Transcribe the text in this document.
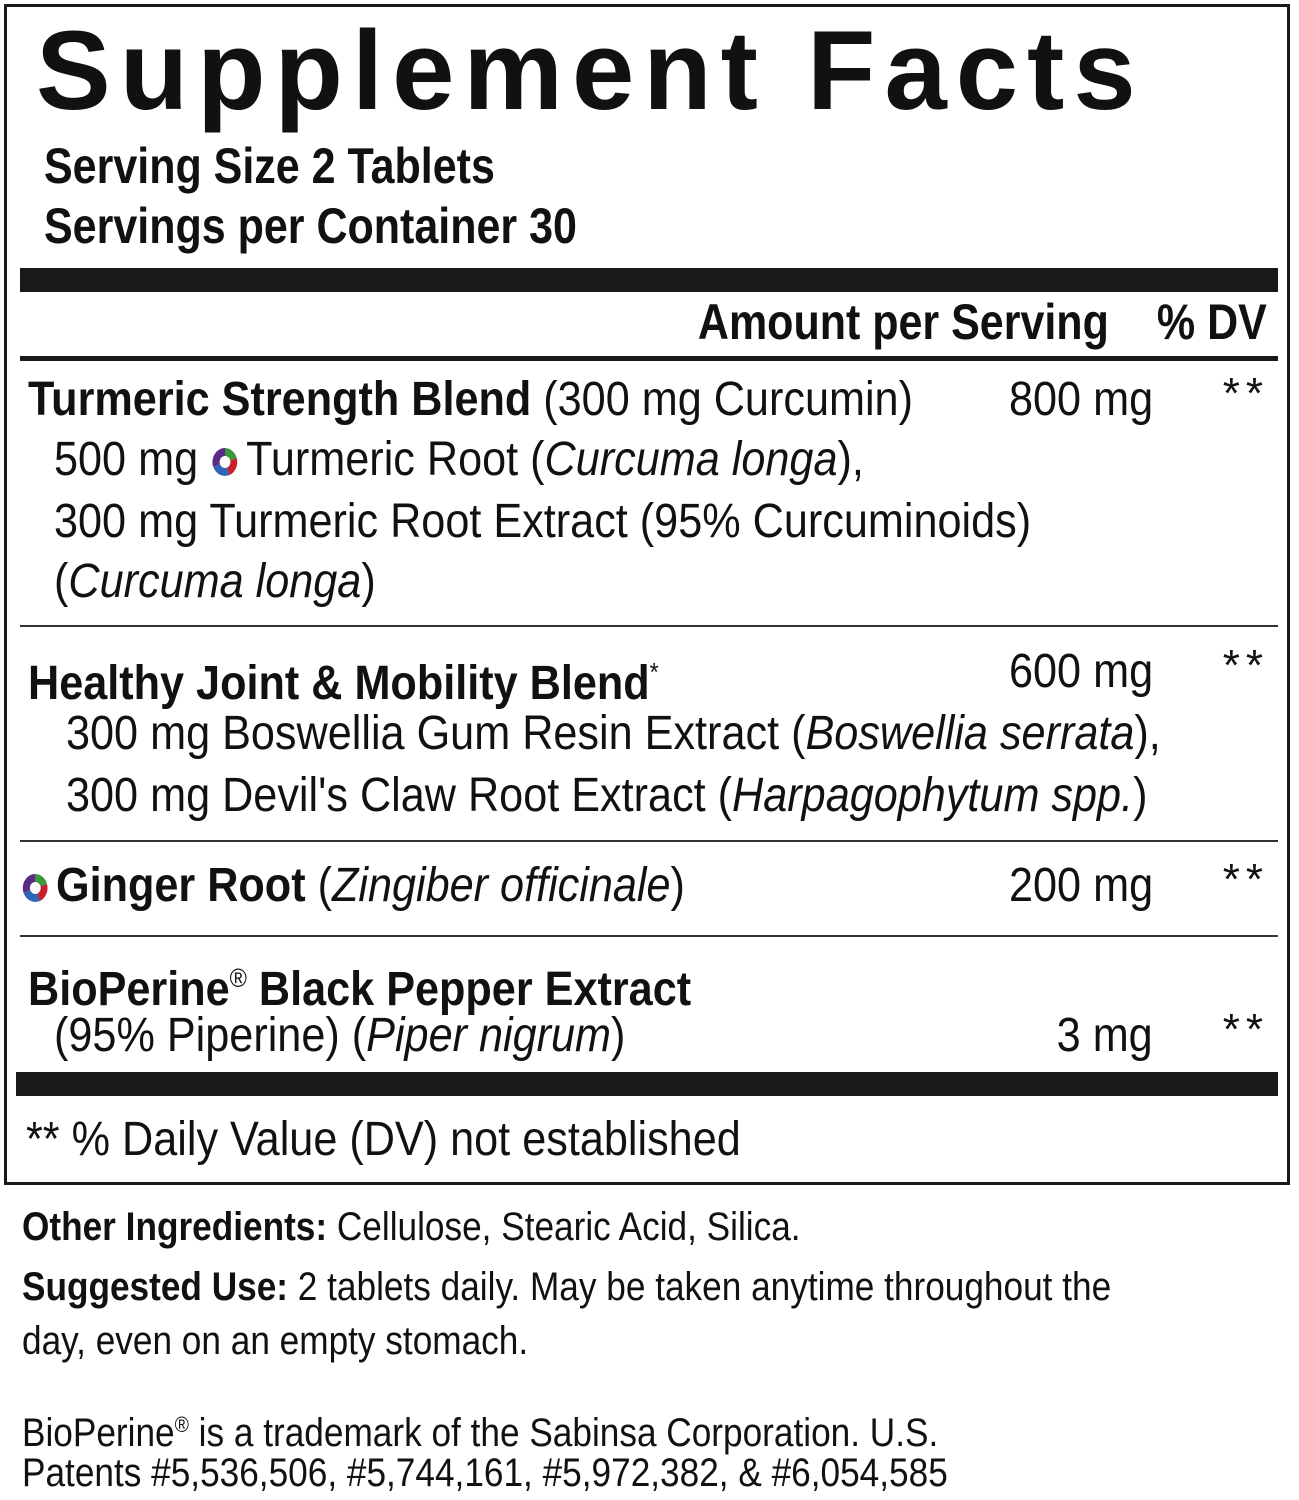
Supplement Facts
Serving Size 2 Tablets
Servings per Container 30
Amount per Serving % DV
Turmeric Strength Blend (300 mg Curcumin) 800 mg **
500 mg Turmeric Root (Curcuma longa),
300 mg Turmeric Root Extract (95% Curcuminoids)
(Curcuma longa)
Healthy Joint & Mobility Blend*	600 mg **
300 mg Boswellia Gum Resin Extract (Boswellia serrata),
300 mg Devil's Claw Root Extract (Harpagophytum spp.)
Ginger Root (Zingiber officinale)	200 mg **
BioPerine® Black Pepper Extract
(95% Piperine) (Piper nigrum)	3 mg **
** % Daily Value (DV) not established
Other Ingredients: Cellulose, Stearic Acid, Silica.
Suggested Use: 2 tablets daily. May be taken anytime throughout the
day, even on an empty stomach.
BioPerine® is a trademark of the Sabinsa Corporation. U.S.
Patents #5,536,506, #5,744,161, #5,972,382, & #6,054,585
